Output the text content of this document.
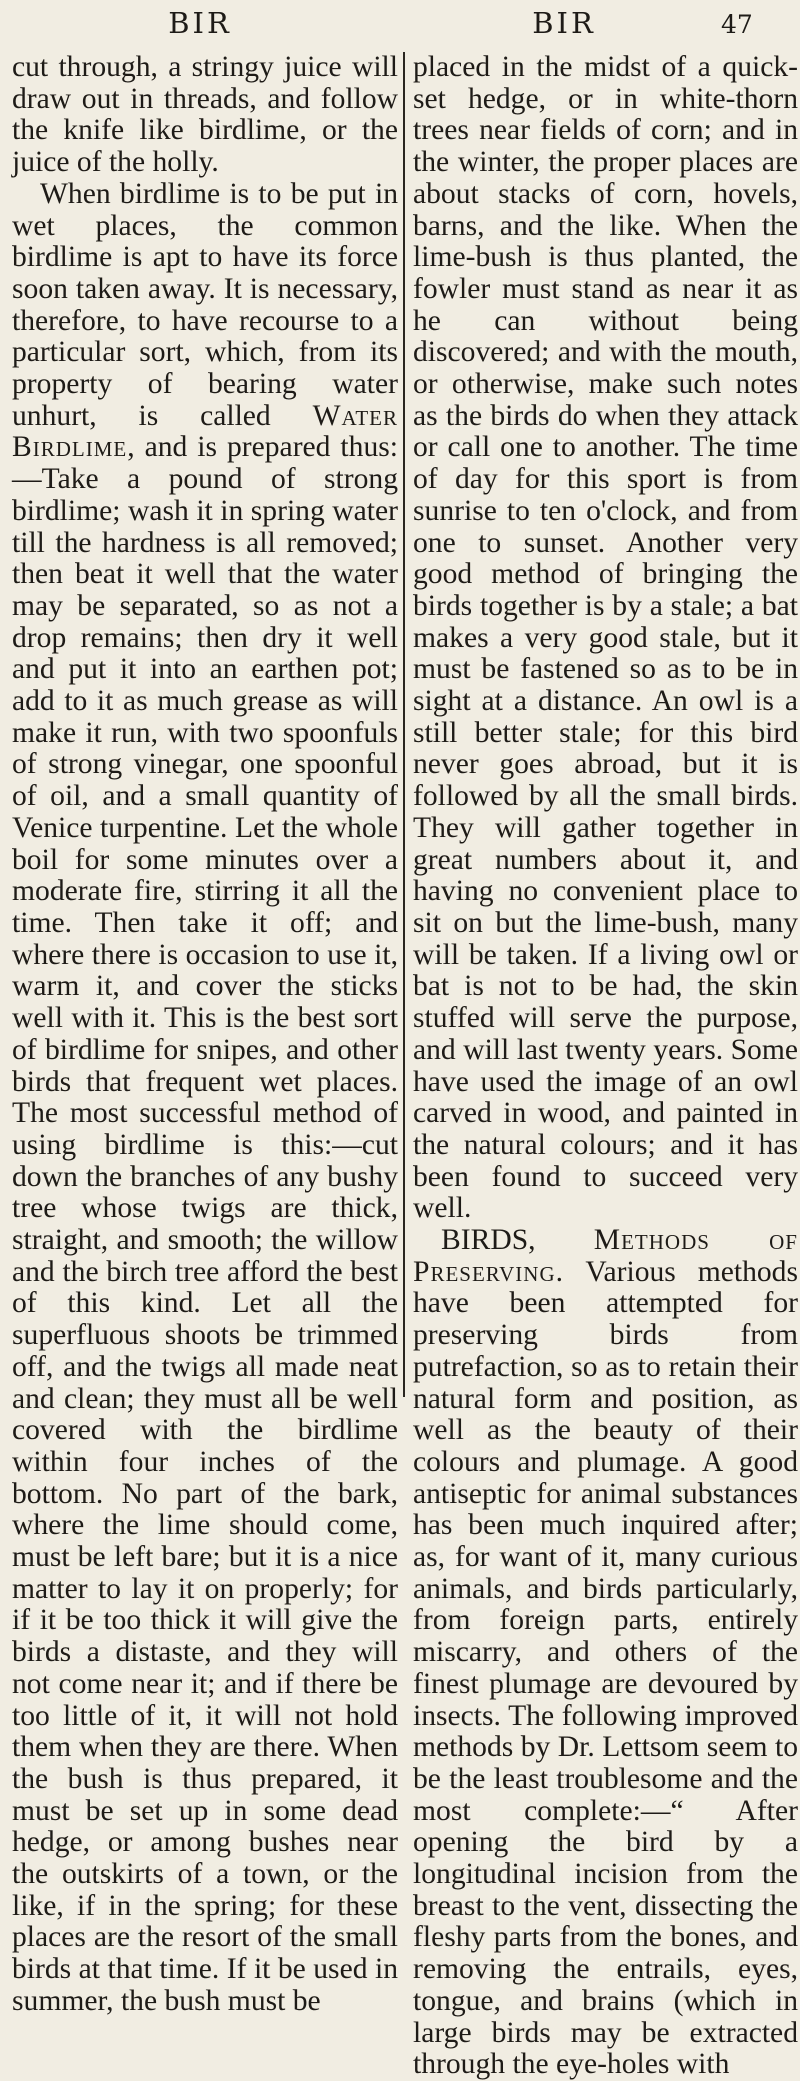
BIR	BIR	47

cut through, a stringy juice will draw out in threads, and follow the knife like birdlime, or the juice of the holly.

When birdlime is to be put in wet places, the common birdlime is apt to have its force soon taken away. It is necessary, therefore, to have recourse to a particular sort, which, from its property of bearing water unhurt, is called Water Birdlime, and is prepared thus:—Take a pound of strong birdlime; wash it in spring water till the hardness is all removed; then beat it well that the water may be separated, so as not a drop remains; then dry it well and put it into an earthen pot; add to it as much grease as will make it run, with two spoonfuls of strong vinegar, one spoonful of oil, and a small quantity of Venice turpentine. Let the whole boil for some minutes over a moderate fire, stirring it all the time. Then take it off; and where there is occasion to use it, warm it, and cover the sticks well with it. This is the best sort of birdlime for snipes, and other birds that frequent wet places. The most successful method of using birdlime is this:—cut down the branches of any bushy tree whose twigs are thick, straight, and smooth; the willow and the birch tree afford the best of this kind. Let all the superfluous shoots be trimmed off, and the twigs all made neat and clean; they must all be well covered with the birdlime within four inches of the bottom. No part of the bark, where the lime should come, must be left bare; but it is a nice matter to lay it on properly; for if it be too thick it will give the birds a distaste, and they will not come near it; and if there be too little of it, it will not hold them when they are there. When the bush is thus prepared, it must be set up in some dead hedge, or among bushes near the outskirts of a town, or the like, if in the spring; for these places are the resort of the small birds at that time. If it be used in summer, the bush must be

placed in the midst of a quick-set hedge, or in white-thorn trees near fields of corn; and in the winter, the proper places are about stacks of corn, hovels, barns, and the like. When the lime-bush is thus planted, the fowler must stand as near it as he can without being discovered; and with the mouth, or otherwise, make such notes as the birds do when they attack or call one to another. The time of day for this sport is from sunrise to ten o'clock, and from one to sunset. Another very good method of bringing the birds together is by a stale; a bat makes a very good stale, but it must be fastened so as to be in sight at a distance. An owl is a still better stale; for this bird never goes abroad, but it is followed by all the small birds. They will gather together in great numbers about it, and having no convenient place to sit on but the lime-bush, many will be taken. If a living owl or bat is not to be had, the skin stuffed will serve the purpose, and will last twenty years. Some have used the image of an owl carved in wood, and painted in the natural colours; and it has been found to succeed very well.

BIRDS, Methods of Preserving. Various methods have been attempted for preserving birds from putrefaction, so as to retain their natural form and position, as well as the beauty of their colours and plumage. A good antiseptic for animal substances has been much inquired after; as, for want of it, many curious animals, and birds particularly, from foreign parts, entirely miscarry, and others of the finest plumage are devoured by insects. The following improved methods by Dr. Lettsom seem to be the least troublesome and the most complete:—“ After opening the bird by a longitudinal incision from the breast to the vent, dissecting the fleshy parts from the bones, and removing the entrails, eyes, tongue, and brains (which in large birds may be extracted through the eye-holes with
